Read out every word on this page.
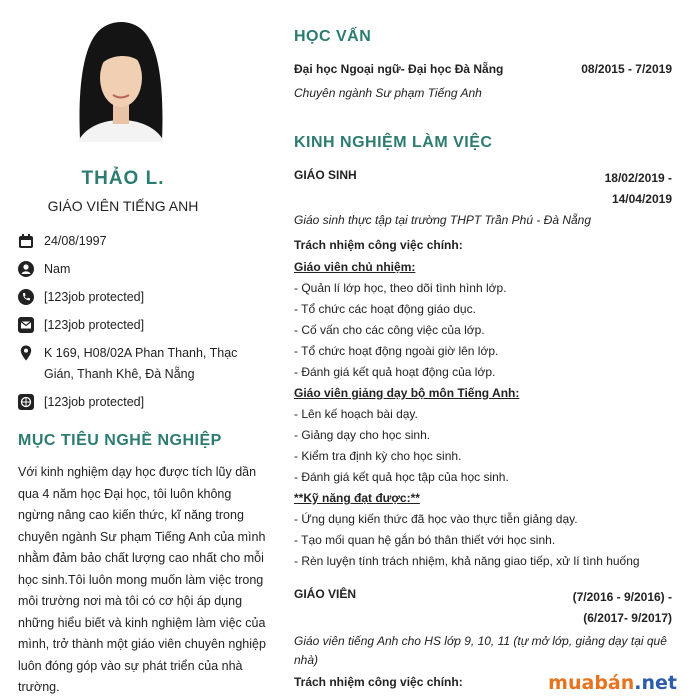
THẢO L.
GIÁO VIÊN TIẾNG ANH
24/08/1997
Nam
[123job protected]
[123job protected]
K 169, H08/02A Phan Thanh, Thạc Gián, Thanh Khê, Đà Nẵng
[123job protected]
MỤC TIÊU NGHỀ NGHIỆP
Với kinh nghiệm dạy học được tích lũy dần qua 4 năm học Đại học, tôi luôn không ngừng nâng cao kiến thức, kĩ năng trong chuyên ngành Sư phạm Tiếng Anh của mình nhằm đảm bảo chất lượng cao nhất cho mỗi học sinh.Tôi luôn mong muốn làm việc trong môi trường nơi mà tôi có cơ hội áp dụng những hiểu biết và kinh nghiệm làm việc của mình, trở thành một giáo viên chuyên nghiệp luôn đóng góp vào sự phát triển của nhà trường.
HỌC VẤN
Đại học Ngoại ngữ- Đại học Đà Nẵng	08/2015 - 7/2019
Chuyên ngành Sư phạm Tiếng Anh
KINH NGHIỆM LÀM VIỆC
GIÁO SINH	18/02/2019 -
14/04/2019
Giáo sinh thực tập tại trường THPT Trần Phú - Đà Nẵng
Trách nhiệm công việc chính:
Giáo viên chủ nhiệm:
- Quản lí lớp học, theo dõi tình hình lớp.
- Tổ chức các hoạt động giáo dục.
- Cố vấn cho các công việc của lớp.
- Tổ chức hoạt động ngoài giờ lên lớp.
- Đánh giá kết quả hoạt động của lớp.
Giáo viên giảng dạy bộ môn Tiếng Anh:
- Lên kế hoạch bài dạy.
- Giảng dạy cho học sinh.
- Kiểm tra định kỳ cho học sinh.
- Đánh giá kết quả học tập của học sinh.
**Kỹ năng đạt được:**
- Ứng dụng kiến thức đã học vào thực tiễn giảng dạy.
- Tạo mối quan hệ gắn bó thân thiết với học sinh.
- Rèn luyện tính trách nhiệm, khả năng giao tiếp, xử lí tình huống
GIÁO VIÊN	(7/2016 - 9/2016) -
(6/2017- 9/2017)
Giáo viên tiếng Anh cho HS lớp 9, 10, 11 (tự mở lớp, giảng dạy tại quê nhà)
Trách nhiệm công việc chính:	muabán.net
